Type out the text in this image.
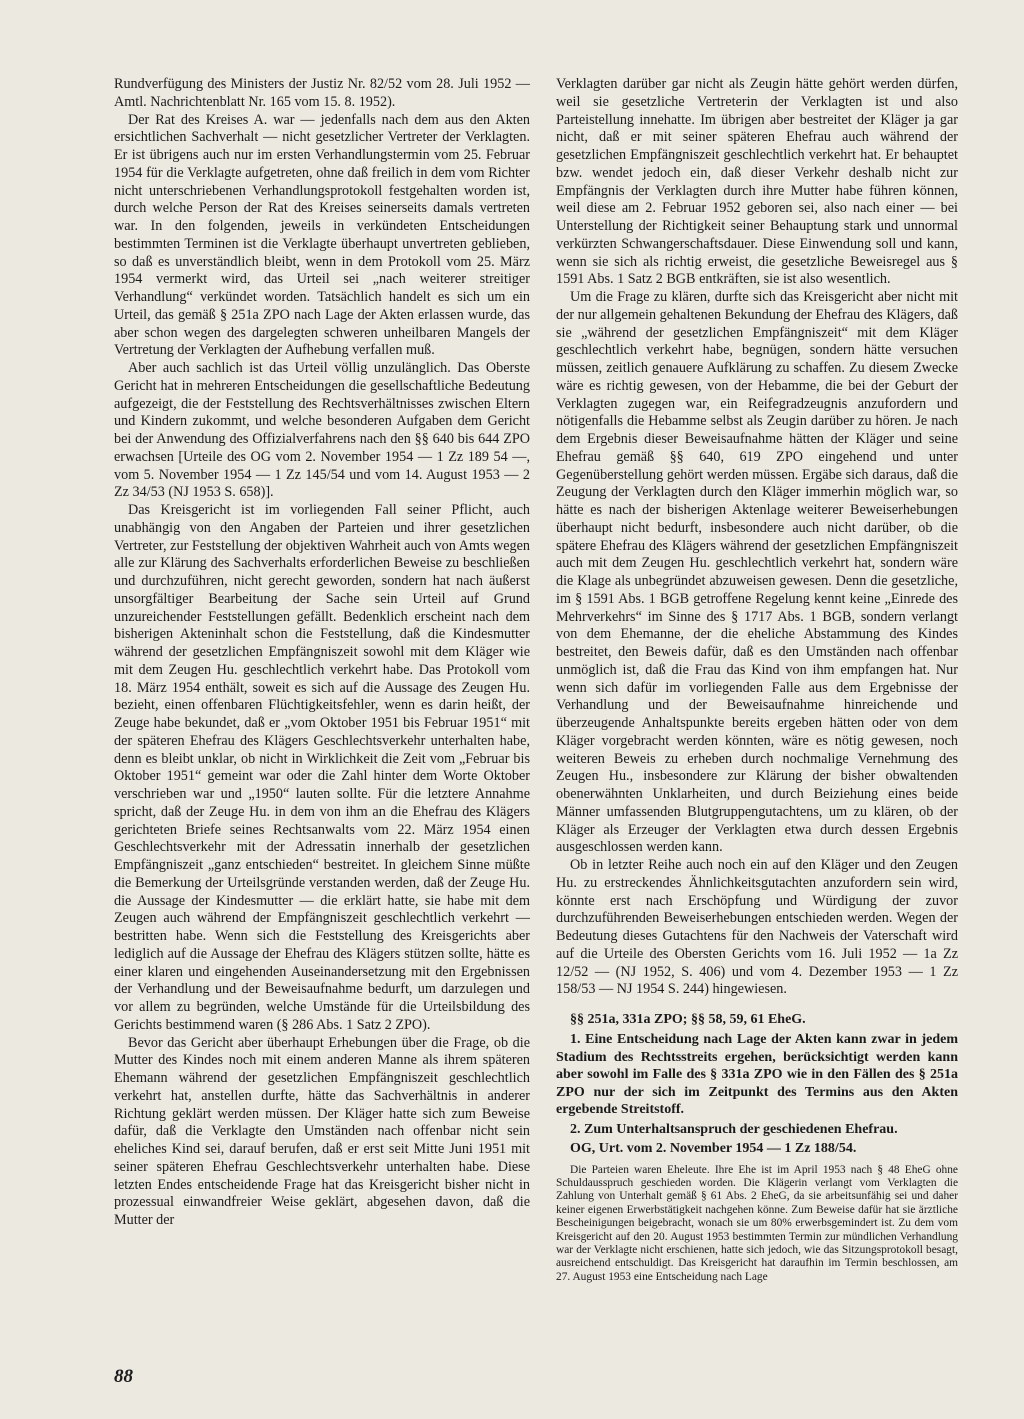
Rundverfügung des Ministers der Justiz Nr. 82/52 vom 28. Juli 1952 — Amtl. Nachrichtenblatt Nr. 165 vom 15. 8. 1952).

Der Rat des Kreises A. war — jedenfalls nach dem aus den Akten ersichtlichen Sachverhalt — nicht gesetzlicher Vertreter der Verklagten. Er ist übrigens auch nur im ersten Verhandlungstermin vom 25. Februar 1954 für die Verklagte aufgetreten, ohne daß freilich in dem vom Richter nicht unterschriebenen Verhandlungsprotokoll festgehalten worden ist, durch welche Person der Rat des Kreises seinerseits damals vertreten war. In den folgenden, jeweils in verkündeten Entscheidungen bestimmten Terminen ist die Verklagte überhaupt unvertreten geblieben, so daß es unverständlich bleibt, wenn in dem Protokoll vom 25. März 1954 vermerkt wird, das Urteil sei „nach weiterer streitiger Verhandlung“ verkündet worden. Tatsächlich handelt es sich um ein Urteil, das gemäß § 251a ZPO nach Lage der Akten erlassen wurde, das aber schon wegen des dargelegten schweren unheilbaren Mangels der Vertretung der Verklagten der Aufhebung verfallen muß.

Aber auch sachlich ist das Urteil völlig unzulänglich. Das Oberste Gericht hat in mehreren Entscheidungen die gesellschaftliche Bedeutung aufgezeigt, die der Feststellung des Rechtsverhältnisses zwischen Eltern und Kindern zukommt, und welche besonderen Aufgaben dem Gericht bei der Anwendung des Offizialverfahrens nach den §§ 640 bis 644 ZPO erwachsen [Urteile des OG vom 2. November 1954 — 1 Zz 189 54 —, vom 5. November 1954 — 1 Zz 145/54 und vom 14. August 1953 — 2 Zz 34/53 (NJ 1953 S. 658)].

Das Kreisgericht ist im vorliegenden Fall seiner Pflicht, auch unabhängig von den Angaben der Parteien und ihrer gesetzlichen Vertreter, zur Feststellung der objektiven Wahrheit auch von Amts wegen alle zur Klärung des Sachverhalts erforderlichen Beweise zu beschließen und durchzuführen, nicht gerecht geworden, sondern hat nach äußerst unsorgfältiger Bearbeitung der Sache sein Urteil auf Grund unzureichender Feststellungen gefällt. Bedenklich erscheint nach dem bisherigen Akteninhalt schon die Feststellung, daß die Kindesmutter während der gesetzlichen Empfängniszeit sowohl mit dem Kläger wie mit dem Zeugen Hu. geschlechtlich verkehrt habe. Das Protokoll vom 18. März 1954 enthält, soweit es sich auf die Aussage des Zeugen Hu. bezieht, einen offenbaren Flüchtigkeitsfehler, wenn es darin heißt, der Zeuge habe bekundet, daß er „vom Oktober 1951 bis Februar 1951“ mit der späteren Ehefrau des Klägers Geschlechtsverkehr unterhalten habe, denn es bleibt unklar, ob nicht in Wirklichkeit die Zeit vom „Februar bis Oktober 1951“ gemeint war oder die Zahl hinter dem Worte Oktober verschrieben war und „1950“ lauten sollte. Für die letztere Annahme spricht, daß der Zeuge Hu. in dem von ihm an die Ehefrau des Klägers gerichteten Briefe seines Rechtsanwalts vom 22. März 1954 einen Geschlechtsverkehr mit der Adressatin innerhalb der gesetzlichen Empfängniszeit „ganz entschieden“ bestreitet. In gleichem Sinne müßte die Bemerkung der Urteilsgründe verstanden werden, daß der Zeuge Hu. die Aussage der Kindesmutter — die erklärt hatte, sie habe mit dem Zeugen auch während der Empfängniszeit geschlechtlich verkehrt — bestritten habe. Wenn sich die Feststellung des Kreisgerichts aber lediglich auf die Aussage der Ehefrau des Klägers stützen sollte, hätte es einer klaren und eingehenden Auseinandersetzung mit den Ergebnissen der Verhandlung und der Beweisaufnahme bedurft, um darzulegen und vor allem zu begründen, welche Umstände für die Urteilsbildung des Gerichts bestimmend waren (§ 286 Abs. 1 Satz 2 ZPO).

Bevor das Gericht aber überhaupt Erhebungen über die Frage, ob die Mutter des Kindes noch mit einem anderen Manne als ihrem späteren Ehemann während der gesetzlichen Empfängniszeit geschlechtlich verkehrt hat, anstellen durfte, hätte das Sachverhältnis in anderer Richtung geklärt werden müssen. Der Kläger hatte sich zum Beweise dafür, daß die Verklagte den Umständen nach offenbar nicht sein eheliches Kind sei, darauf berufen, daß er erst seit Mitte Juni 1951 mit seiner späteren Ehefrau Geschlechtsverkehr unterhalten habe. Diese letzten Endes entscheidende Frage hat das Kreisgericht bisher nicht in prozessual einwandfreier Weise geklärt, abgesehen davon, daß die Mutter der

Verklagten darüber gar nicht als Zeugin hätte gehört werden dürfen, weil sie gesetzliche Vertreterin der Verklagten ist und also Parteistellung innehatte. Im übrigen aber bestreitet der Kläger ja gar nicht, daß er mit seiner späteren Ehefrau auch während der gesetzlichen Empfängniszeit geschlechtlich verkehrt hat. Er behauptet bzw. wendet jedoch ein, daß dieser Verkehr deshalb nicht zur Empfängnis der Verklagten durch ihre Mutter habe führen können, weil diese am 2. Februar 1952 geboren sei, also nach einer — bei Unterstellung der Richtigkeit seiner Behauptung stark und unnormal verkürzten Schwangerschaftsdauer. Diese Einwendung soll und kann, wenn sie sich als richtig erweist, die gesetzliche Beweisregel aus § 1591 Abs. 1 Satz 2 BGB entkräften, sie ist also wesentlich.

Um die Frage zu klären, durfte sich das Kreisgericht aber nicht mit der nur allgemein gehaltenen Bekundung der Ehefrau des Klägers, daß sie „während der gesetzlichen Empfängniszeit“ mit dem Kläger geschlechtlich verkehrt habe, begnügen, sondern hätte versuchen müssen, zeitlich genauere Aufklärung zu schaffen. Zu diesem Zwecke wäre es richtig gewesen, von der Hebamme, die bei der Geburt der Verklagten zugegen war, ein Reifegradzeugnis anzufordern und nötigenfalls die Hebamme selbst als Zeugin darüber zu hören. Je nach dem Ergebnis dieser Beweisaufnahme hätten der Kläger und seine Ehefrau gemäß §§ 640, 619 ZPO eingehend und unter Gegenüberstellung gehört werden müssen. Ergäbe sich daraus, daß die Zeugung der Verklagten durch den Kläger immerhin möglich war, so hätte es nach der bisherigen Aktenlage weiterer Beweiserhebungen überhaupt nicht bedurft, insbesondere auch nicht darüber, ob die spätere Ehefrau des Klägers während der gesetzlichen Empfängniszeit auch mit dem Zeugen Hu. geschlechtlich verkehrt hat, sondern wäre die Klage als unbegründet abzuweisen gewesen. Denn die gesetzliche, im § 1591 Abs. 1 BGB getroffene Regelung kennt keine „Einrede des Mehrverkehrs“ im Sinne des § 1717 Abs. 1 BGB, sondern verlangt von dem Ehemanne, der die eheliche Abstammung des Kindes bestreitet, den Beweis dafür, daß es den Umständen nach offenbar unmöglich ist, daß die Frau das Kind von ihm empfangen hat. Nur wenn sich dafür im vorliegenden Falle aus dem Ergebnisse der Verhandlung und der Beweisaufnahme hinreichende und überzeugende Anhaltspunkte bereits ergeben hätten oder von dem Kläger vorgebracht werden könnten, wäre es nötig gewesen, noch weiteren Beweis zu erheben durch nochmalige Vernehmung des Zeugen Hu., insbesondere zur Klärung der bisher obwaltenden obenerwähnten Unklarheiten, und durch Beiziehung eines beide Männer umfassenden Blutgruppengutachtens, um zu klären, ob der Kläger als Erzeuger der Verklagten etwa durch dessen Ergebnis ausgeschlossen werden kann.

Ob in letzter Reihe auch noch ein auf den Kläger und den Zeugen Hu. zu erstreckendes Ähnlichkeitsgutachten anzufordern sein wird, könnte erst nach Erschöpfung und Würdigung der zuvor durchzuführenden Beweiserhebungen entschieden werden. Wegen der Bedeutung dieses Gutachtens für den Nachweis der Vaterschaft wird auf die Urteile des Obersten Gerichts vom 16. Juli 1952 — 1a Zz 12/52 — (NJ 1952, S. 406) und vom 4. Dezember 1953 — 1 Zz 158/53 — NJ 1954 S. 244) hingewiesen.

§§ 251a, 331a ZPO; §§ 58, 59, 61 EheG.

1. Eine Entscheidung nach Lage der Akten kann zwar in jedem Stadium des Rechtsstreits ergehen, berücksichtigt werden kann aber sowohl im Falle des § 331a ZPO wie in den Fällen des § 251a ZPO nur der sich im Zeitpunkt des Termins aus den Akten ergebende Streitstoff.

2. Zum Unterhaltsanspruch der geschiedenen Ehefrau.

OG, Urt. vom 2. November 1954 — 1 Zz 188/54.

Die Parteien waren Eheleute. Ihre Ehe ist im April 1953 nach § 48 EheG ohne Schuldausspruch geschieden worden. Die Klägerin verlangt vom Verklagten die Zahlung von Unterhalt gemäß § 61 Abs. 2 EheG, da sie arbeitsunfähig sei und daher keiner eigenen Erwerbstätigkeit nachgehen könne. Zum Beweise dafür hat sie ärztliche Bescheinigungen beigebracht, wonach sie um 80% erwerbsgemindert ist. Zu dem vom Kreisgericht auf den 20. August 1953 bestimmten Termin zur mündlichen Verhandlung war der Verklagte nicht erschienen, hatte sich jedoch, wie das Sitzungsprotokoll besagt, ausreichend entschuldigt. Das Kreisgericht hat daraufhin im Termin beschlossen, am 27. August 1953 eine Entscheidung nach Lage

88
